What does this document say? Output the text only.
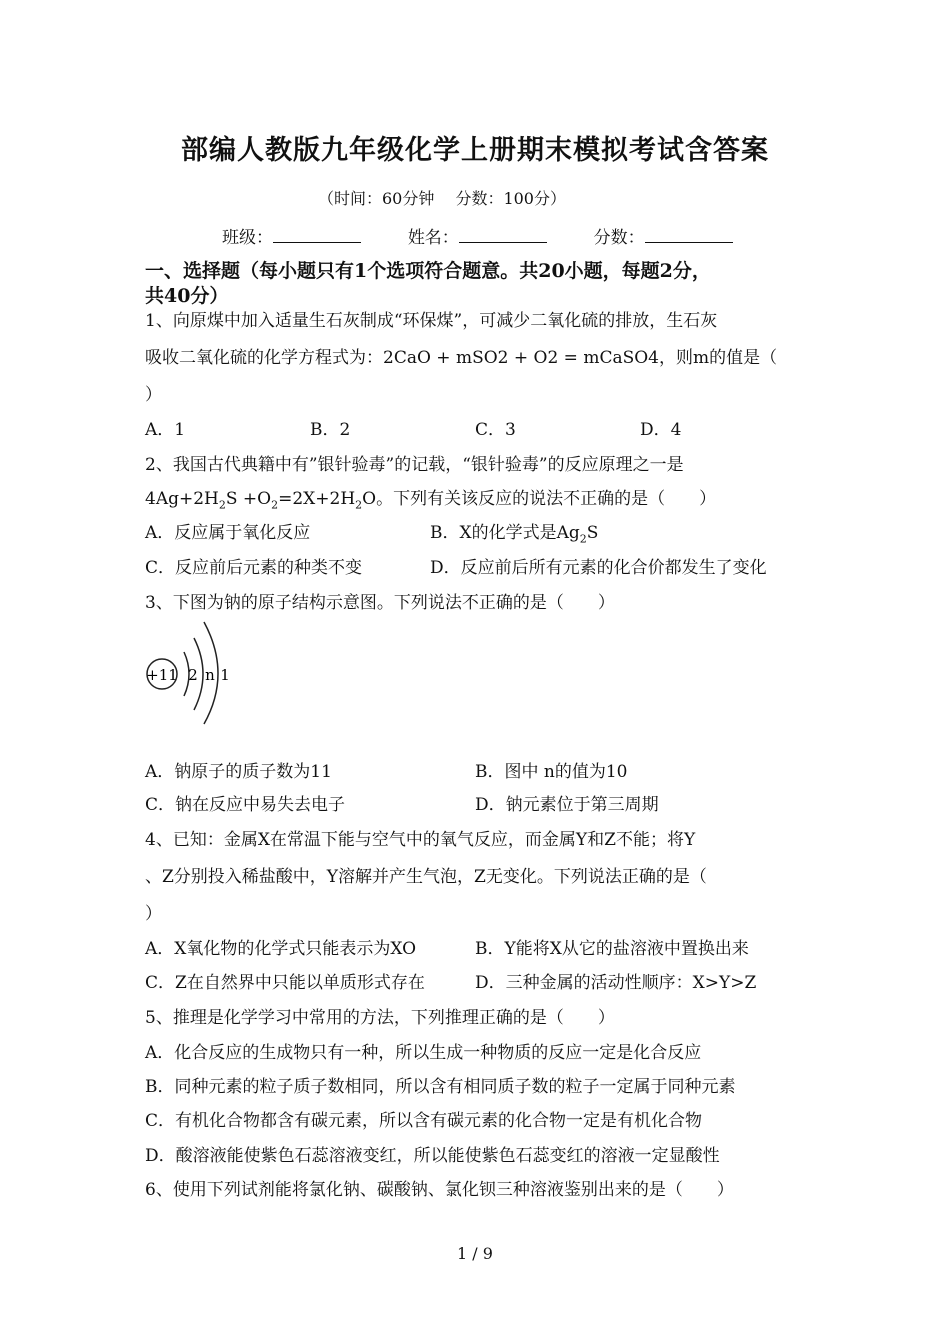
部编人教版九年级化学上册期末模拟考试含答案
（时间：60分钟　 分数：100分）
班级：	姓名：	分数：
一、选择题（每小题只有1个选项符合题意。共20小题，每题2分，
共40分）
1、向原煤中加入适量生石灰制成“环保煤”，可减少二氧化硫的排放，生石灰
吸收二氧化硫的化学方程式为：2CaO + mSO2 + O2 = mCaSO4，则m的值是（
）
A．1	B．2	C．3	D．4
2、我国古代典籍中有”银针验毒”的记载，“银针验毒”的反应原理之一是
$4Ag+2H_2S +O_2=2X+2H_2O$。下列有关该反应的说法不正确的是（　　）
A．反应属于氧化反应	B．X的化学式是$Ag_2S$
C．反应前后元素的种类不变	D．反应前后所有元素的化合价都发生了变化
3、下图为钠的原子结构示意图。下列说法不正确的是（　　）
+11 2 n 1
A．钠原子的质子数为11	B．图中 n的值为10
C．钠在反应中易失去电子	D．钠元素位于第三周期
4、已知：金属X在常温下能与空气中的氧气反应，而金属Y和Z不能；将Y
、Z分别投入稀盐酸中，Y溶解并产生气泡，Z无变化。下列说法正确的是（
）
A．X氧化物的化学式只能表示为XO	B．Y能将X从它的盐溶液中置换出来
C．Z在自然界中只能以单质形式存在	D．三种金属的活动性顺序：X>Y>Z
5、推理是化学学习中常用的方法，下列推理正确的是（　　）
A．化合反应的生成物只有一种，所以生成一种物质的反应一定是化合反应
B．同种元素的粒子质子数相同，所以含有相同质子数的粒子一定属于同种元素
C．有机化合物都含有碳元素，所以含有碳元素的化合物一定是有机化合物
D．酸溶液能使紫色石蕊溶液变红，所以能使紫色石蕊变红的溶液一定显酸性
6、使用下列试剂能将氯化钠、碳酸钠、氯化钡三种溶液鉴别出来的是（　　）
1 / 9
